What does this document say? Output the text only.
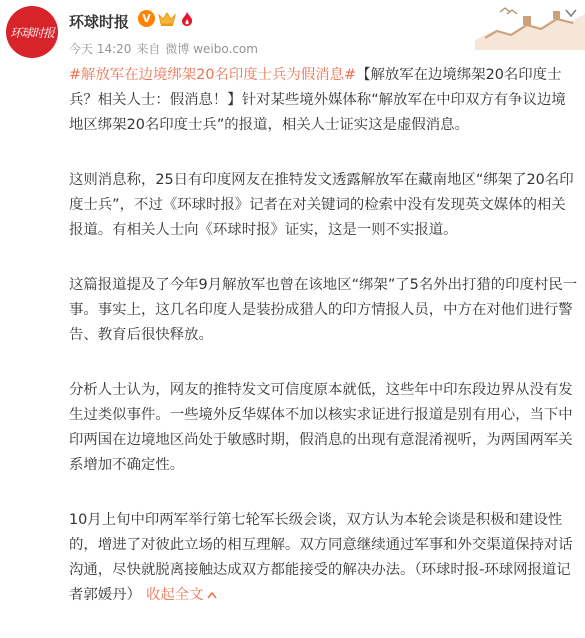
环球时报
环球时报	V
今天 14:20 来自 微博 weibo.com

#解放军在边境绑架20名印度士兵为假消息#【解放军在边境绑架20名印度士兵？相关人士：假消息！】针对某些境外媒体称“解放军在中印双方有争议边境地区绑架20名印度士兵”的报道，相关人士证实这是虚假消息。

这则消息称，25日有印度网友在推特发文透露解放军在藏南地区“绑架了20名印度士兵”，不过《环球时报》记者在对关键词的检索中没有发现英文媒体的相关报道。有相关人士向《环球时报》证实，这是一则不实报道。

这篇报道提及了今年9月解放军也曾在该地区“绑架”了5名外出打猎的印度村民一事。事实上，这几名印度人是装扮成猎人的印方情报人员，中方在对他们进行警告、教育后很快释放。

分析人士认为，网友的推特发文可信度原本就低，这些年中印东段边界从没有发生过类似事件。一些境外反华媒体不加以核实求证进行报道是别有用心，当下中印两国在边境地区尚处于敏感时期，假消息的出现有意混淆视听，为两国两军关系增加不确定性。

10月上旬中印两军举行第七轮军长级会谈，双方认为本轮会谈是积极和建设性的，增进了对彼此立场的相互理解。双方同意继续通过军事和外交渠道保持对话沟通，尽快就脱离接触达成双方都能接受的解决办法。（环球时报-环球网报道记者郭媛丹） 收起全文
